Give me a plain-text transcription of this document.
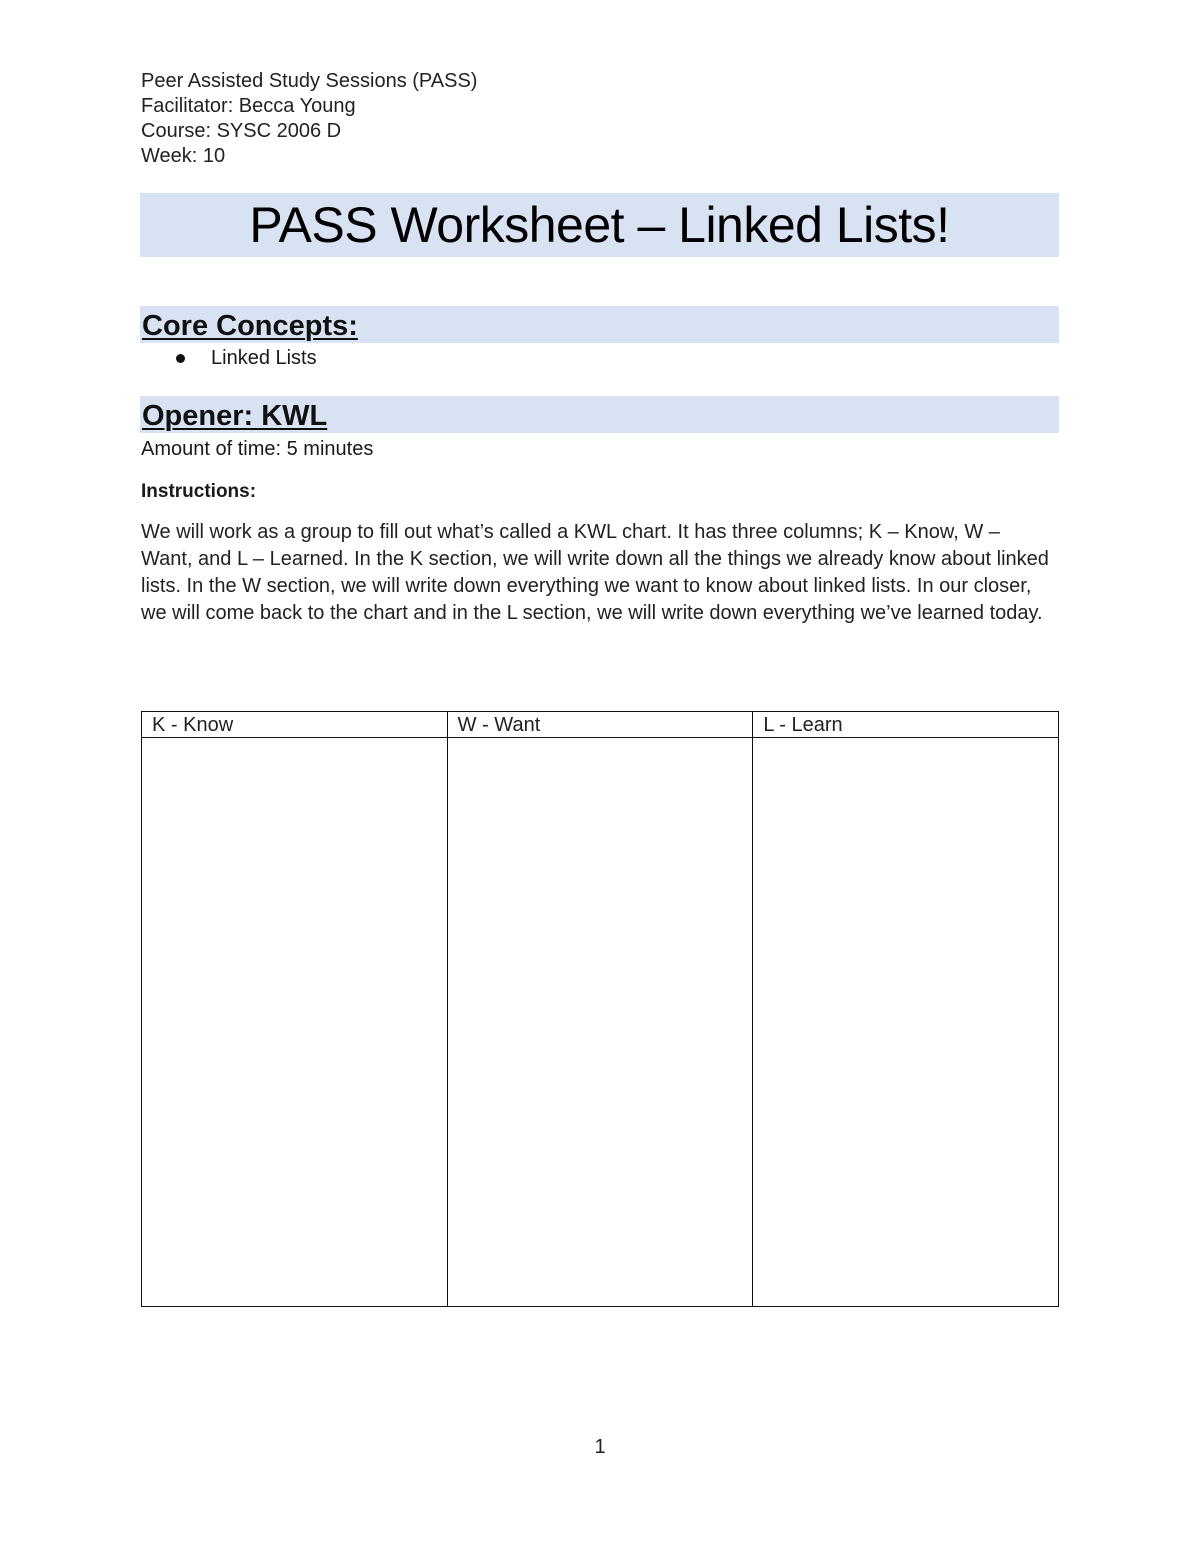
Peer Assisted Study Sessions (PASS)
Facilitator: Becca Young
Course: SYSC 2006 D
Week: 10
PASS Worksheet – Linked Lists!
Core Concepts:
Linked Lists
Opener: KWL
Amount of time: 5 minutes
Instructions:
We will work as a group to fill out what’s called a KWL chart. It has three columns; K – Know, W – Want, and L – Learned. In the K section, we will write down all the things we already know about linked lists. In the W section, we will write down everything we want to know about linked lists. In our closer, we will come back to the chart and in the L section, we will write down everything we’ve learned today.
K - Know	W - Want	L - Learn

1
